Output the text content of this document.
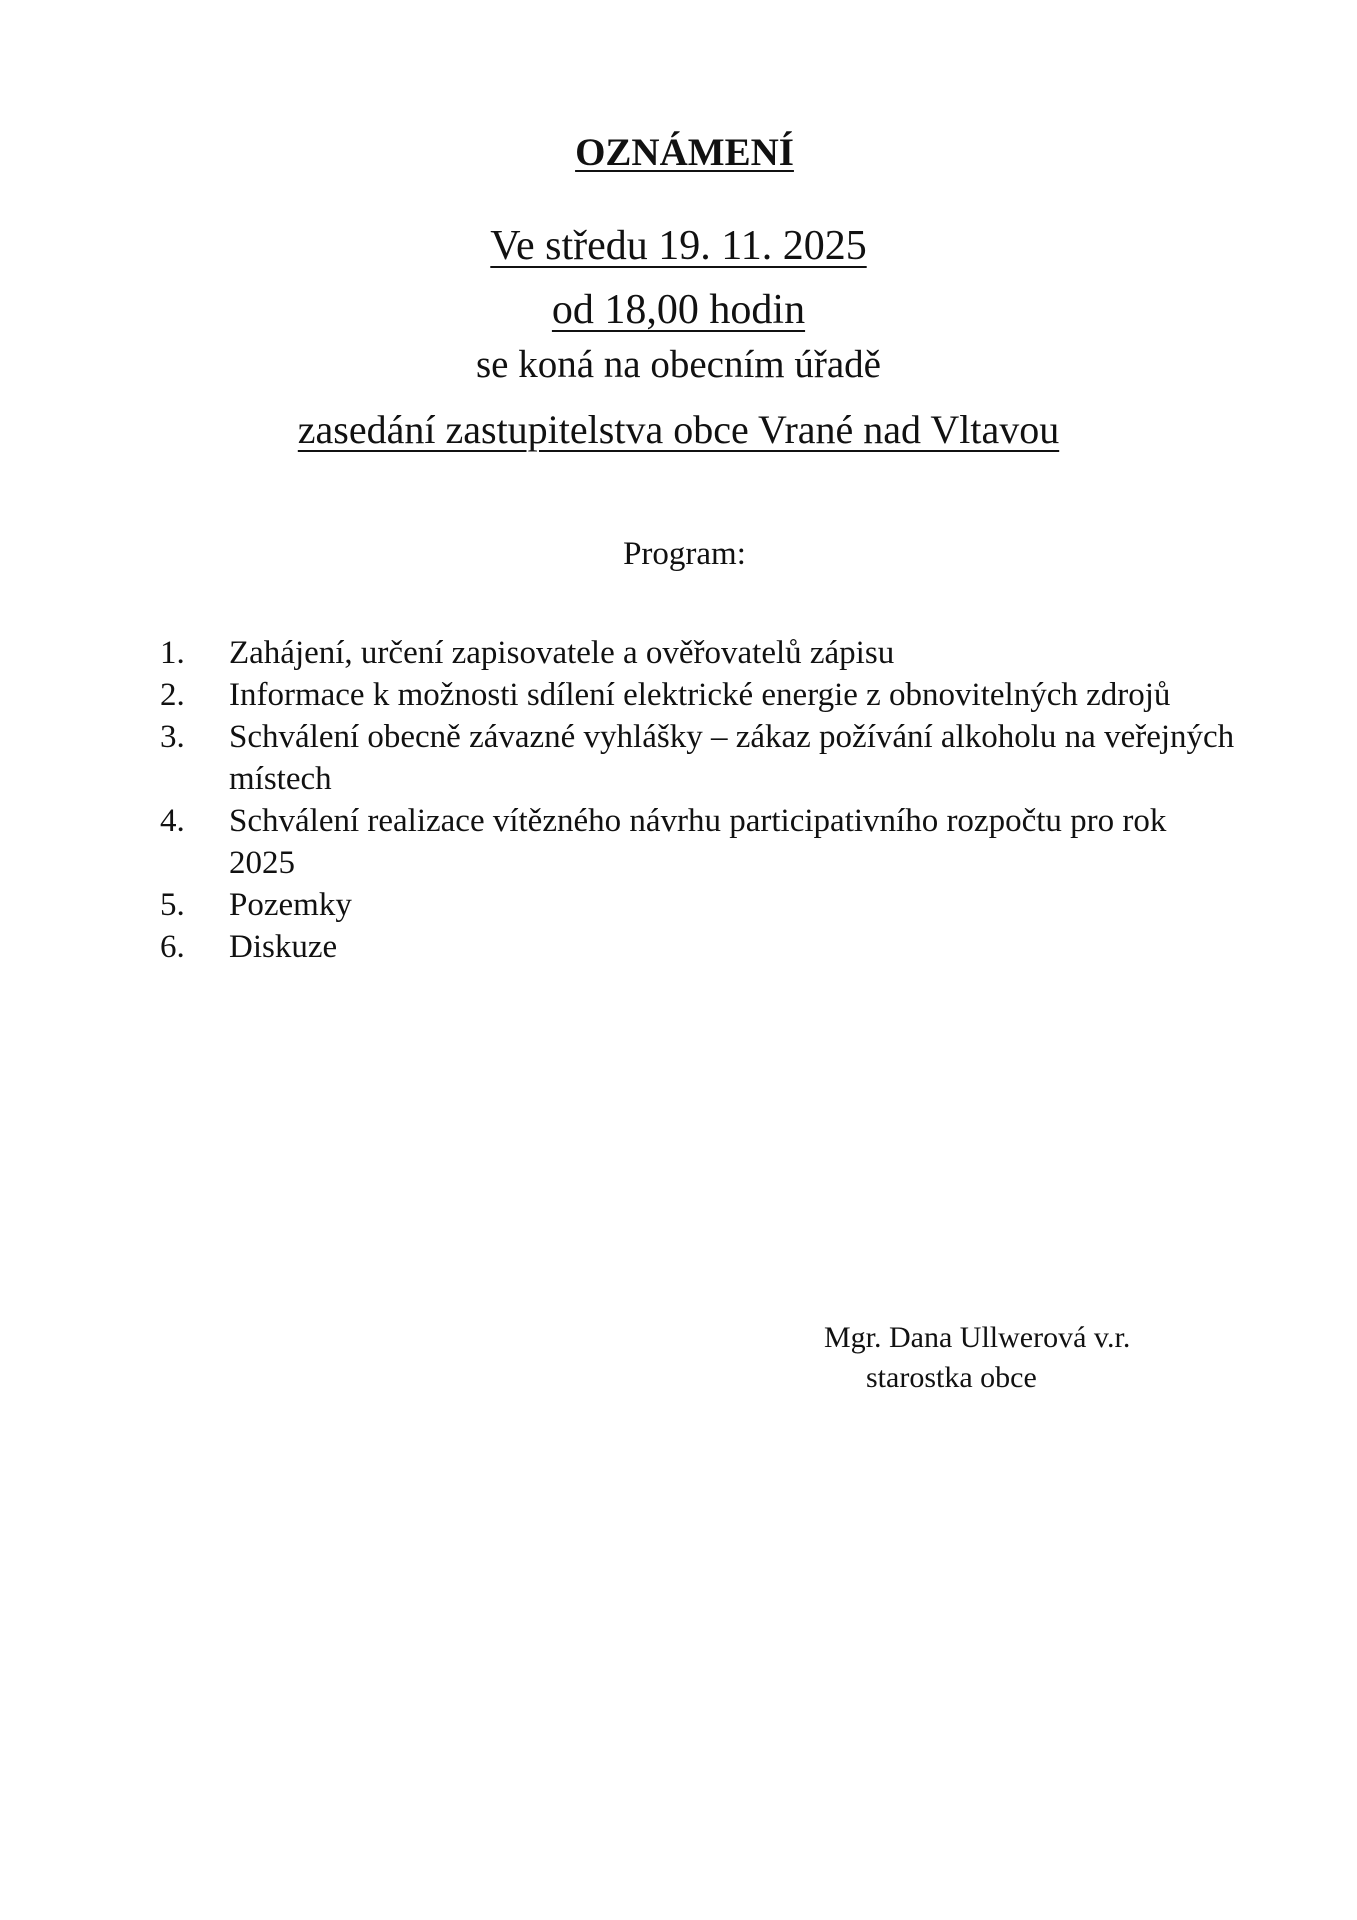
OZNÁMENÍ
Ve středu 19. 11. 2025
od 18,00 hodin
se koná na obecním úřadě
zasedání zastupitelstva obce Vrané nad Vltavou
Program:
1.	Zahájení, určení zapisovatele a ověřovatelů zápisu
2.	Informace k možnosti sdílení elektrické energie z obnovitelných zdrojů
3.	Schválení obecně závazné vyhlášky – zákaz požívání alkoholu na veřejných místech
4.	Schválení realizace vítězného návrhu participativního rozpočtu pro rok 2025
5.	Pozemky
6.	Diskuze
Mgr. Dana Ullwerová v.r.
starostka obce
